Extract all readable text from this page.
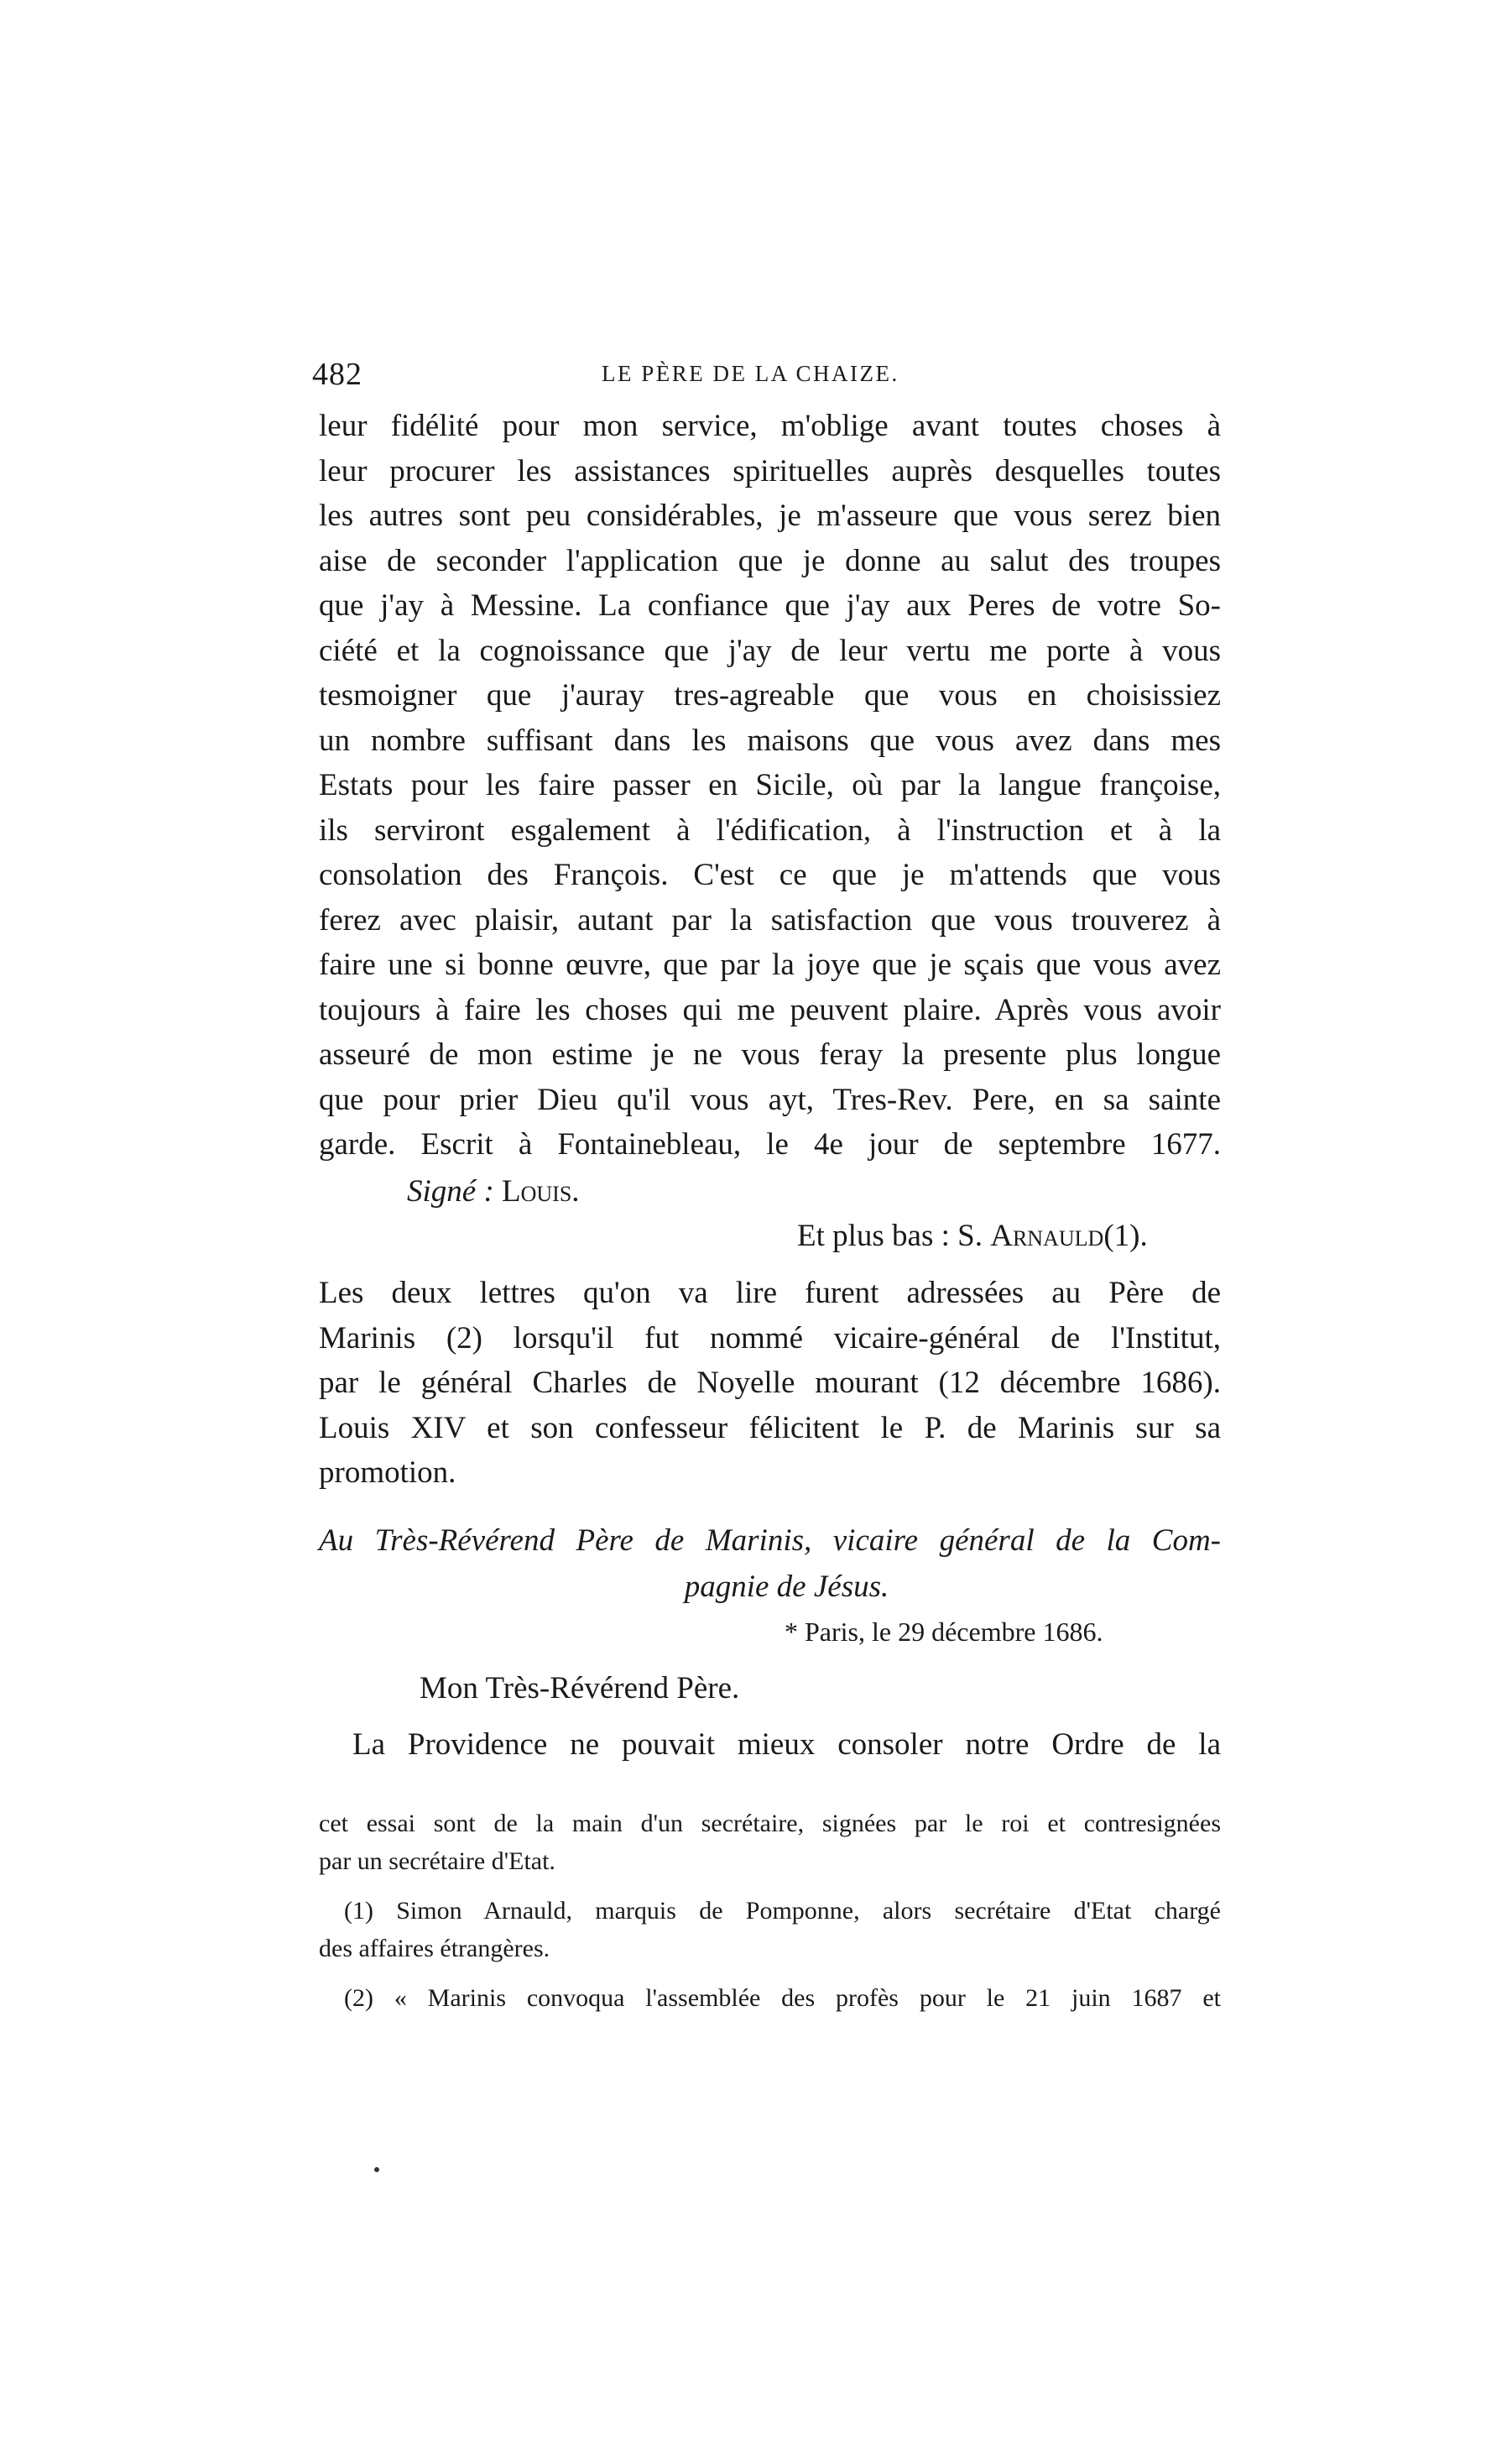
482	LE PÈRE DE LA CHAIZE.
leur fidélité pour mon service, m'oblige avant toutes choses à
leur procurer les assistances spirituelles auprès desquelles toutes
les autres sont peu considérables, je m'asseure que vous serez bien
aise de seconder l'application que je donne au salut des troupes
que j'ay à Messine. La confiance que j'ay aux Peres de votre So-
ciété et la cognoissance que j'ay de leur vertu me porte à vous
tesmoigner que j'auray tres-agreable que vous en choisissiez
un nombre suffisant dans les maisons que vous avez dans mes
Estats pour les faire passer en Sicile, où par la langue françoise,
ils serviront esgalement à l'édification, à l'instruction et à la
consolation des François. C'est ce que je m'attends que vous
ferez avec plaisir, autant par la satisfaction que vous trouverez à
faire une si bonne œuvre, que par la joye que je sçais que vous avez
toujours à faire les choses qui me peuvent plaire. Après vous avoir
asseuré de mon estime je ne vous feray la presente plus longue
que pour prier Dieu qu'il vous ayt, Tres-Rev. Pere, en sa sainte
garde. Escrit à Fontainebleau, le 4e jour de septembre 1677.
Signé : Louis.
Et plus bas : S. Arnauld(1).
Les deux lettres qu'on va lire furent adressées au Père de
Marinis (2) lorsqu'il fut nommé vicaire-général de l'Institut,
par le général Charles de Noyelle mourant (12 décembre 1686).
Louis XIV et son confesseur félicitent le P. de Marinis sur sa
promotion.
Au Très-Révérend Père de Marinis, vicaire général de la Com-
pagnie de Jésus.
* Paris, le 29 décembre 1686.
Mon Très-Révérend Père.
La Providence ne pouvait mieux consoler notre Ordre de la
cet essai sont de la main d'un secrétaire, signées par le roi et contresignées
par un secrétaire d'Etat.
(1) Simon Arnauld, marquis de Pomponne, alors secrétaire d'Etat chargé
des affaires étrangères.
(2) « Marinis convoqua l'assemblée des profès pour le 21 juin 1687 et
